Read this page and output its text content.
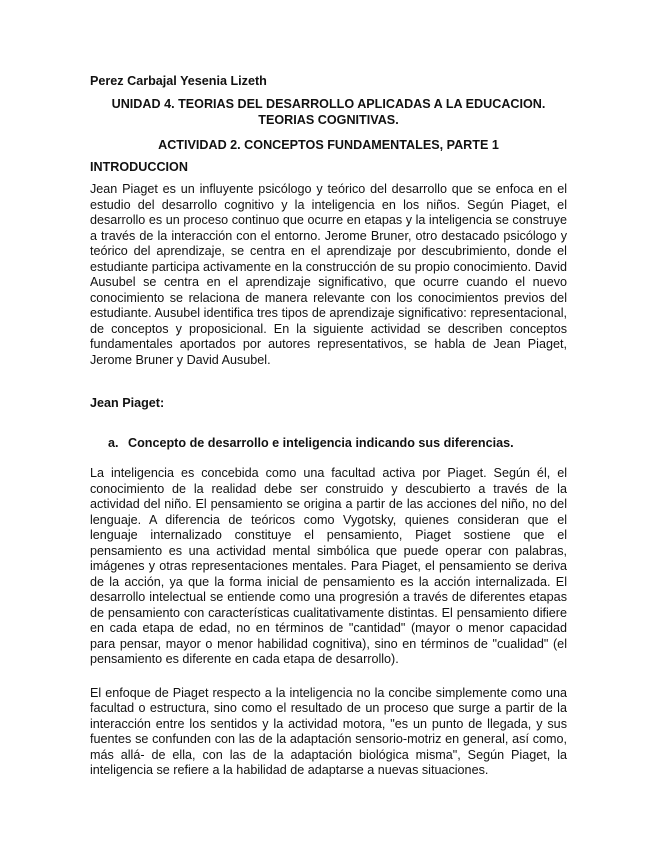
Perez Carbajal Yesenia Lizeth

UNIDAD 4. TEORIAS DEL DESARROLLO APLICADAS A LA EDUCACION.
TEORIAS COGNITIVAS.

ACTIVIDAD 2. CONCEPTOS FUNDAMENTALES, PARTE 1

INTRODUCCION

Jean Piaget es un influyente psicólogo y teórico del desarrollo que se enfoca en el estudio del desarrollo cognitivo y la inteligencia en los niños. Según Piaget, el desarrollo es un proceso continuo que ocurre en etapas y la inteligencia se construye a través de la interacción con el entorno. Jerome Bruner, otro destacado psicólogo y teórico del aprendizaje, se centra en el aprendizaje por descubrimiento, donde el estudiante participa activamente en la construcción de su propio conocimiento. David Ausubel se centra en el aprendizaje significativo, que ocurre cuando el nuevo conocimiento se relaciona de manera relevante con los conocimientos previos del estudiante. Ausubel identifica tres tipos de aprendizaje significativo: representacional, de conceptos y proposicional. En la siguiente actividad se describen conceptos fundamentales aportados por autores representativos, se habla de Jean Piaget, Jerome Bruner y David Ausubel.

Jean Piaget:

a. Concepto de desarrollo e inteligencia indicando sus diferencias.

La inteligencia es concebida como una facultad activa por Piaget. Según él, el conocimiento de la realidad debe ser construido y descubierto a través de la actividad del niño. El pensamiento se origina a partir de las acciones del niño, no del lenguaje. A diferencia de teóricos como Vygotsky, quienes consideran que el lenguaje internalizado constituye el pensamiento, Piaget sostiene que el pensamiento es una actividad mental simbólica que puede operar con palabras, imágenes y otras representaciones mentales. Para Piaget, el pensamiento se deriva de la acción, ya que la forma inicial de pensamiento es la acción internalizada. El desarrollo intelectual se entiende como una progresión a través de diferentes etapas de pensamiento con características cualitativamente distintas. El pensamiento difiere en cada etapa de edad, no en términos de "cantidad" (mayor o menor capacidad para pensar, mayor o menor habilidad cognitiva), sino en términos de "cualidad" (el pensamiento es diferente en cada etapa de desarrollo).

El enfoque de Piaget respecto a la inteligencia no la concibe simplemente como una facultad o estructura, sino como el resultado de un proceso que surge a partir de la interacción entre los sentidos y la actividad motora, "es un punto de llegada, y sus fuentes se confunden con las de la adaptación sensorio-motriz en general, así como, más allá- de ella, con las de la adaptación biológica misma", Según Piaget, la inteligencia se refiere a la habilidad de adaptarse a nuevas situaciones.
